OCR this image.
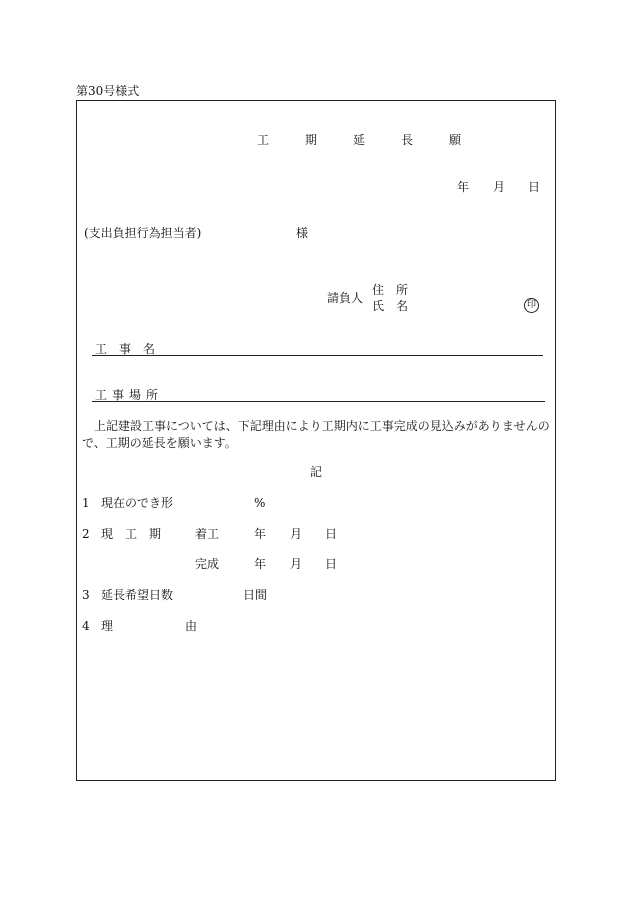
第30号様式
工　期　延　長　願
年 月 日
(支出負担行為担当者)	様
請負人
住　所
氏　名	印
工　事　名
工事場所
上記建設工事については、下記理由により工期内に工事完成の見込みがありませんの
で、工期の延長を願います。
記
1 現在のでき形	%
2 現　工　期	着工	年 月 日
完成	年 月 日
3 延長希望日数	日間
4 理　　由
